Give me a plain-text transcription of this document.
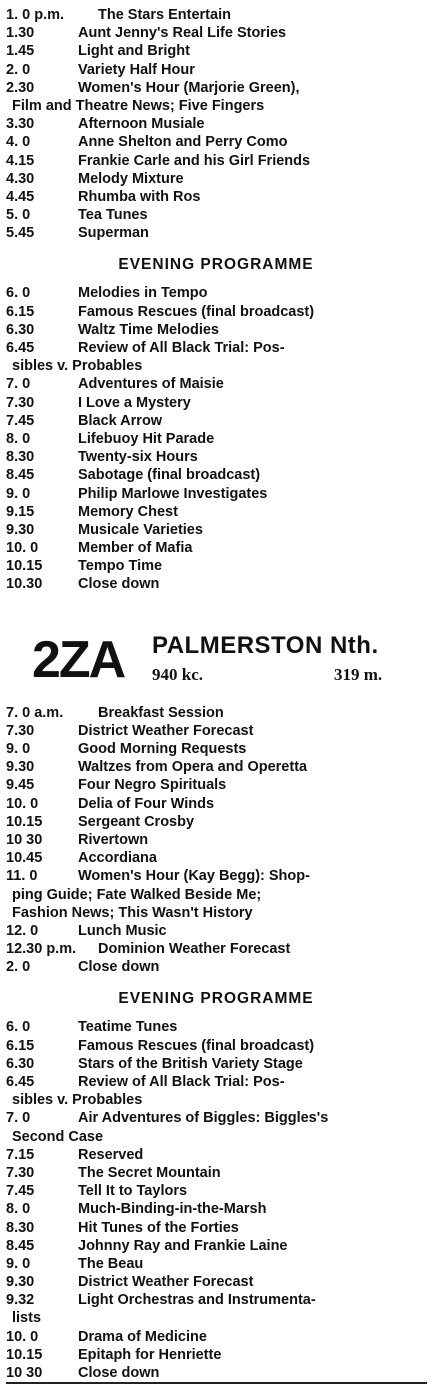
1. 0 p.m.	The Stars Entertain
1.30	Aunt Jenny's Real Life Stories
1.45	Light and Bright
2. 0	Variety Half Hour
2.30	Women's Hour (Marjorie Green),
Film and Theatre News; Five Fingers
3.30	Afternoon Musiale
4. 0	Anne Shelton and Perry Como
4.15	Frankie Carle and his Girl Friends
4.30	Melody Mixture
4.45	Rhumba with Ros
5. 0	Tea Tunes
5.45	Superman
EVENING PROGRAMME
6. 0	Melodies in Tempo
6.15	Famous Rescues (final broadcast)
6.30	Waltz Time Melodies
6.45	Review of All Black Trial: Pos-
sibles v. Probables
7. 0	Adventures of Maisie
7.30	I Love a Mystery
7.45	Black Arrow
8. 0	Lifebuoy Hit Parade
8.30	Twenty-six Hours
8.45	Sabotage (final broadcast)
9. 0	Philip Marlowe Investigates
9.15	Memory Chest
9.30	Musicale Varieties
10. 0	Member of Mafia
10.15	Tempo Time
10.30	Close down
2ZA PALMERSTON Nth.
940 kc.	319 m.
7. 0 a.m.	Breakfast Session
7.30	District Weather Forecast
9. 0	Good Morning Requests
9.30	Waltzes from Opera and Operetta
9.45	Four Negro Spirituals
10. 0	Delia of Four Winds
10.15	Sergeant Crosby
10 30	Rivertown
10.45	Accordiana
11. 0	Women's Hour (Kay Begg): Shop-
ping Guide; Fate Walked Beside Me;
Fashion News; This Wasn't History
12. 0	Lunch Music
12.30 p.m. Dominion Weather Forecast
2. 0	Close down
EVENING PROGRAMME
6. 0	Teatime Tunes
6.15	Famous Rescues (final broadcast)
6.30	Stars of the British Variety Stage
6.45	Review of All Black Trial: Pos-
sibles v. Probables
7. 0	Air Adventures of Biggles: Biggles's
Second Case
7.15	Reserved
7.30	The Secret Mountain
7.45	Tell It to Taylors
8. 0	Much-Binding-in-the-Marsh
8.30	Hit Tunes of the Forties
8.45	Johnny Ray and Frankie Laine
9. 0	The Beau
9.30	District Weather Forecast
9.32	Light Orchestras and Instrumenta-
lists
10. 0	Drama of Medicine
10.15	Epitaph for Henriette
10 30	Close down
